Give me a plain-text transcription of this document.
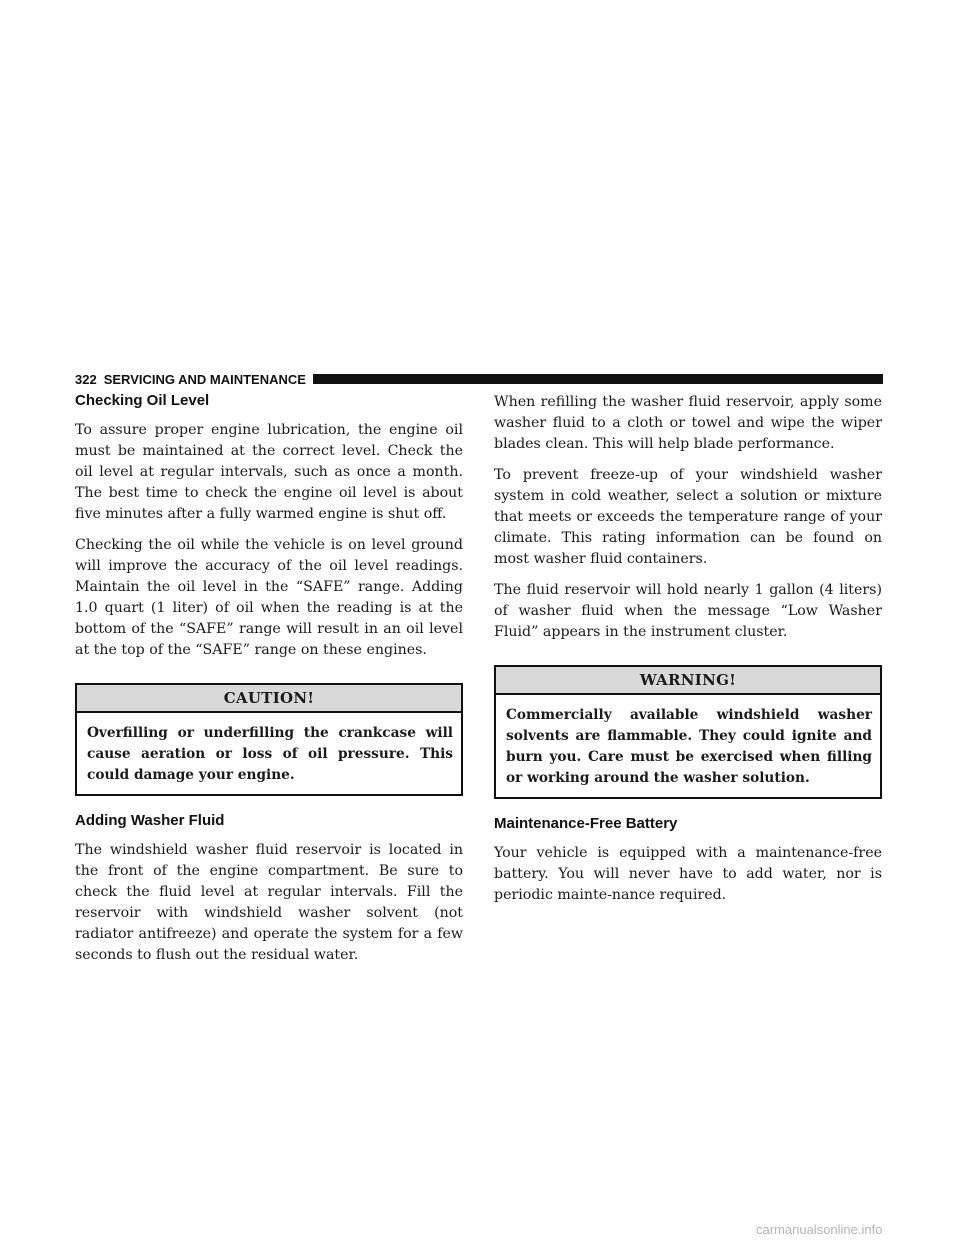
322 SERVICING AND MAINTENANCE
Checking Oil Level

To assure proper engine lubrication, the engine oil must be maintained at the correct level. Check the oil level at regular intervals, such as once a month. The best time to check the engine oil level is about five minutes after a fully warmed engine is shut off.

Checking the oil while the vehicle is on level ground will improve the accuracy of the oil level readings. Maintain the oil level in the “SAFE” range. Adding 1.0 quart (1 liter) of oil when the reading is at the bottom of the “SAFE” range will result in an oil level at the top of the “SAFE” range on these engines.

CAUTION!
Overfilling or underfilling the crankcase will cause aeration or loss of oil pressure. This could damage your engine.
Adding Washer Fluid

The windshield washer fluid reservoir is located in the front of the engine compartment. Be sure to check the fluid level at regular intervals. Fill the reservoir with windshield washer solvent (not radiator antifreeze) and operate the system for a few seconds to flush out the residual water.

When refilling the washer fluid reservoir, apply some washer fluid to a cloth or towel and wipe the wiper blades clean. This will help blade performance.

To prevent freeze-up of your windshield washer system in cold weather, select a solution or mixture that meets or exceeds the temperature range of your climate. This rating information can be found on most washer fluid containers.

The fluid reservoir will hold nearly 1 gallon (4 liters) of washer fluid when the message “Low Washer Fluid” appears in the instrument cluster.

WARNING!
Commercially available windshield washer solvents are flammable. They could ignite and burn you. Care must be exercised when filling or working around the washer solution.
Maintenance-Free Battery

Your vehicle is equipped with a maintenance-free battery. You will never have to add water, nor is periodic mainte-nance required.

carmanualsonline.info
